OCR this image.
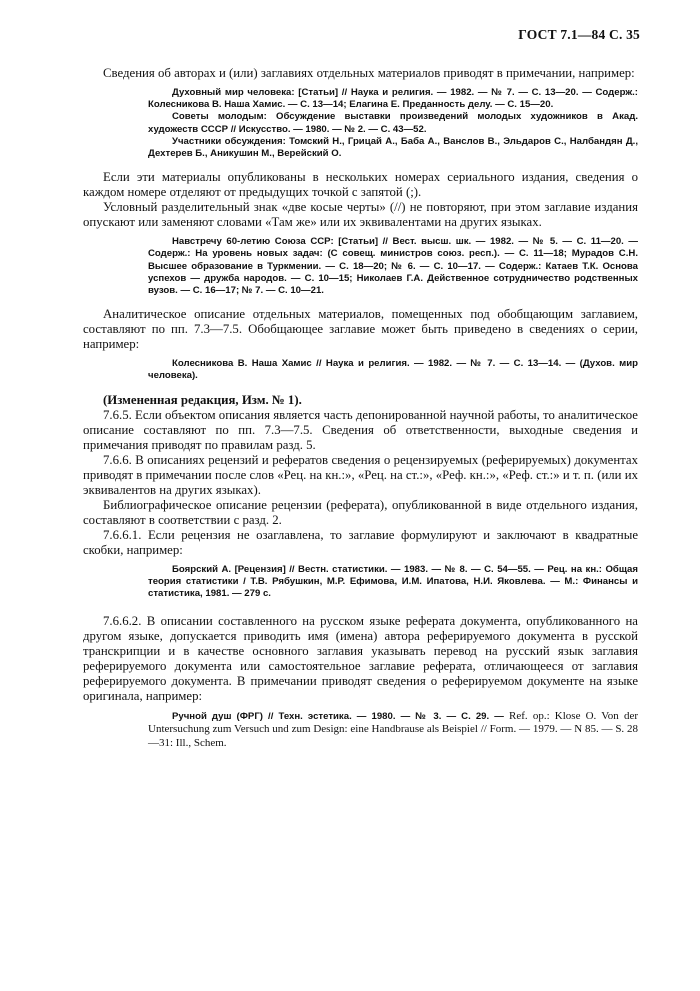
ГОСТ 7.1—84 С. 35

Сведения об авторах и (или) заглавиях отдельных материалов приводят в примечании, например:

Духовный мир человека: [Статьи] // Наука и религия. — 1982. — № 7. — С. 13—20. — Содерж.: Колесникова В. Наша Хамис. — С. 13—14; Елагина Е. Преданность делу. — С. 15—20.

Советы молодым: Обсуждение выставки произведений молодых художников в Акад. художеств СССР // Искусство. — 1980. — № 2. — С. 43—52.

Участники обсуждения: Томский Н., Грицай А., Баба А., Ванслов В., Эльдаров С., Налбандян Д., Дехтерев Б., Аникушин М., Верейский О.

Если эти материалы опубликованы в нескольких номерах сериального издания, сведения о каждом номере отделяют от предыдущих точкой с запятой (;).

Условный разделительный знак «две косые черты» (//) не повторяют, при этом заглавие издания опускают или заменяют словами «Там же» или их эквивалентами на других языках.

Навстречу 60-летию Союза ССР: [Статьи] // Вест. высш. шк. — 1982. — № 5. — С. 11—20. — Содерж.: На уровень новых задач: (С совещ. министров союз. респ.). — С. 11—18; Мурадов С.Н. Высшее образование в Туркмении. — С. 18—20; № 6. — С. 10—17. — Содерж.: Катаев Т.К. Основа успехов — дружба народов. — С. 10—15; Николаев Г.А. Действенное сотрудничество родственных вузов. — С. 16—17; № 7. — С. 10—21.

Аналитическое описание отдельных материалов, помещенных под обобщающим заглавием, составляют по пп. 7.3—7.5. Обобщающее заглавие может быть приведено в сведениях о серии, например:

Колесникова В. Наша Хамис // Наука и религия. — 1982. — № 7. — С. 13—14. — (Духов. мир человека).

(Измененная редакция, Изм. № 1).

7.6.5. Если объектом описания является часть депонированной научной работы, то аналитическое описание составляют по пп. 7.3—7.5. Сведения об ответственности, выходные сведения и примечания приводят по правилам разд. 5.

7.6.6. В описаниях рецензий и рефератов сведения о рецензируемых (реферируемых) документах приводят в примечании после слов «Рец. на кн.:», «Рец. на ст.:», «Реф. кн.:», «Реф. ст.:» и т. п. (или их эквивалентов на других языках).

Библиографическое описание рецензии (реферата), опубликованной в виде отдельного издания, составляют в соответствии с разд. 2.

7.6.6.1. Если рецензия не озаглавлена, то заглавие формулируют и заключают в квадратные скобки, например:

Боярский А. [Рецензия] // Вестн. статистики. — 1983. — № 8. — С. 54—55. — Рец. на кн.: Общая теория статистики / Т.В. Рябушкин, М.Р. Ефимова, И.М. Ипатова, Н.И. Яковлева. — М.: Финансы и статистика, 1981. — 279 с.

7.6.6.2. В описании составленного на русском языке реферата документа, опубликованного на другом языке, допускается приводить имя (имена) автора реферируемого документа в русской транскрипции и в качестве основного заглавия указывать перевод на русский язык заглавия реферируемого документа или самостоятельное заглавие реферата, отличающееся от заглавия реферируемого документа. В примечании приводят сведения о реферируемом документе на языке оригинала, например:

Ручной душ (ФРГ) // Техн. эстетика. — 1980. — № 3. — С. 29. — Ref. op.: Klose O. Von der Untersuchung zum Versuch und zum Design: eine Handbrause als Beispiel // Form. — 1979. — N 85. — S. 28—31: Ill., Schem.
